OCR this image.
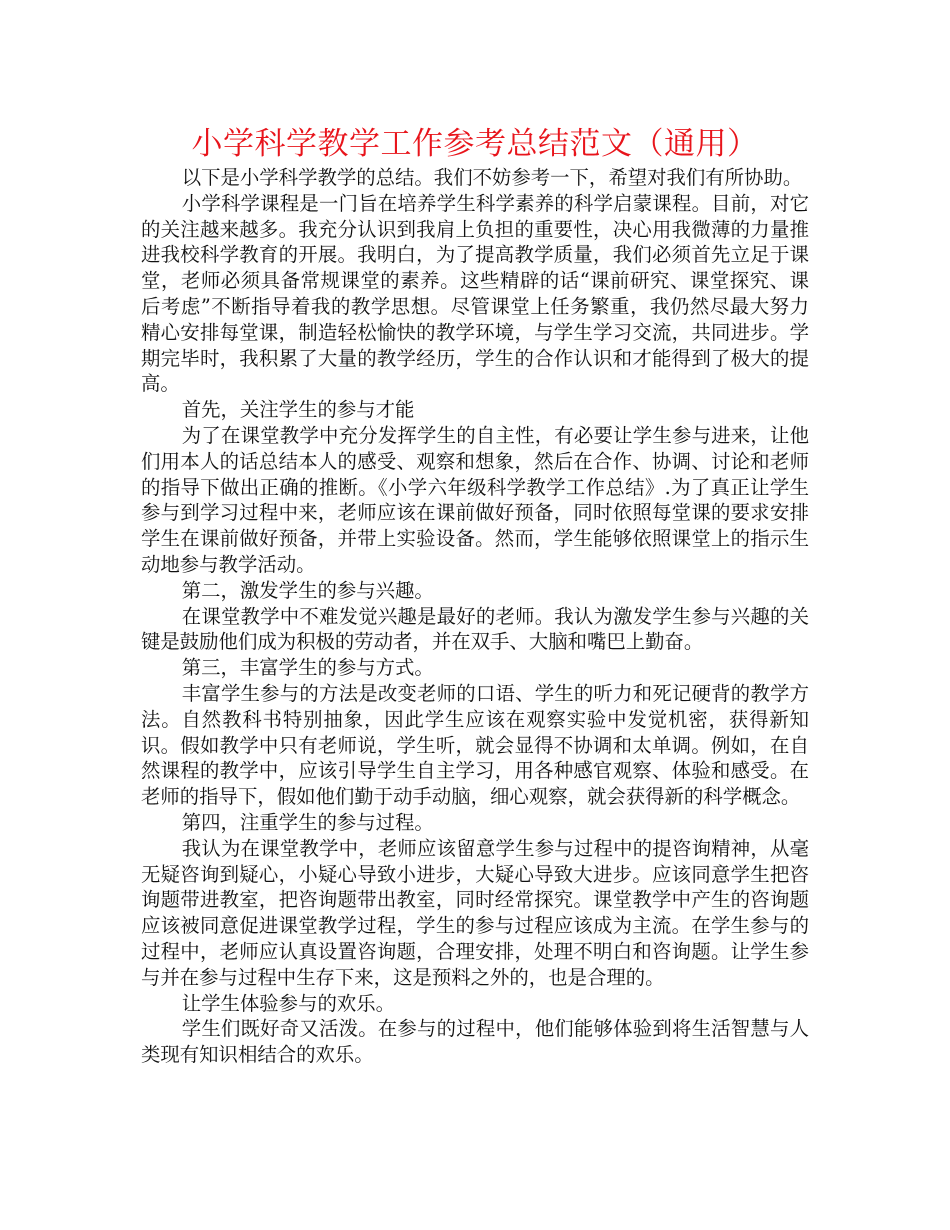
小学科学教学工作参考总结范文（通用）

以下是小学科学教学的总结。我们不妨参考一下，希望对我们有所协助。

小学科学课程是一门旨在培养学生科学素养的科学启蒙课程。目前，对它的关注越来越多。我充分认识到我肩上负担的重要性，决心用我微薄的力量推进我校科学教育的开展。我明白，为了提高教学质量，我们必须首先立足于课堂，老师必须具备常规课堂的素养。这些精辟的话“课前研究、课堂探究、课后考虑”不断指导着我的教学思想。尽管课堂上任务繁重，我仍然尽最大努力精心安排每堂课，制造轻松愉快的教学环境，与学生学习交流，共同进步。学期完毕时，我积累了大量的教学经历，学生的合作认识和才能得到了极大的提高。

首先，关注学生的参与才能

为了在课堂教学中充分发挥学生的自主性，有必要让学生参与进来，让他们用本人的话总结本人的感受、观察和想象，然后在合作、协调、讨论和老师的指导下做出正确的推断。《小学六年级科学教学工作总结》.为了真正让学生参与到学习过程中来，老师应该在课前做好预备，同时依照每堂课的要求安排学生在课前做好预备，并带上实验设备。然而，学生能够依照课堂上的指示生动地参与教学活动。

第二，激发学生的参与兴趣。

在课堂教学中不难发觉兴趣是最好的老师。我认为激发学生参与兴趣的关键是鼓励他们成为积极的劳动者，并在双手、大脑和嘴巴上勤奋。

第三，丰富学生的参与方式。

丰富学生参与的方法是改变老师的口语、学生的听力和死记硬背的教学方法。自然教科书特别抽象，因此学生应该在观察实验中发觉机密，获得新知识。假如教学中只有老师说，学生听，就会显得不协调和太单调。例如，在自然课程的教学中，应该引导学生自主学习，用各种感官观察、体验和感受。在老师的指导下，假如他们勤于动手动脑，细心观察，就会获得新的科学概念。

第四，注重学生的参与过程。

我认为在课堂教学中，老师应该留意学生参与过程中的提咨询精神，从毫无疑咨询到疑心，小疑心导致小进步，大疑心导致大进步。应该同意学生把咨询题带进教室，把咨询题带出教室，同时经常探究。课堂教学中产生的咨询题应该被同意促进课堂教学过程，学生的参与过程应该成为主流。在学生参与的过程中，老师应认真设置咨询题，合理安排，处理不明白和咨询题。让学生参与并在参与过程中生存下来，这是预料之外的，也是合理的。

让学生体验参与的欢乐。

学生们既好奇又活泼。在参与的过程中，他们能够体验到将生活智慧与人类现有知识相结合的欢乐。
